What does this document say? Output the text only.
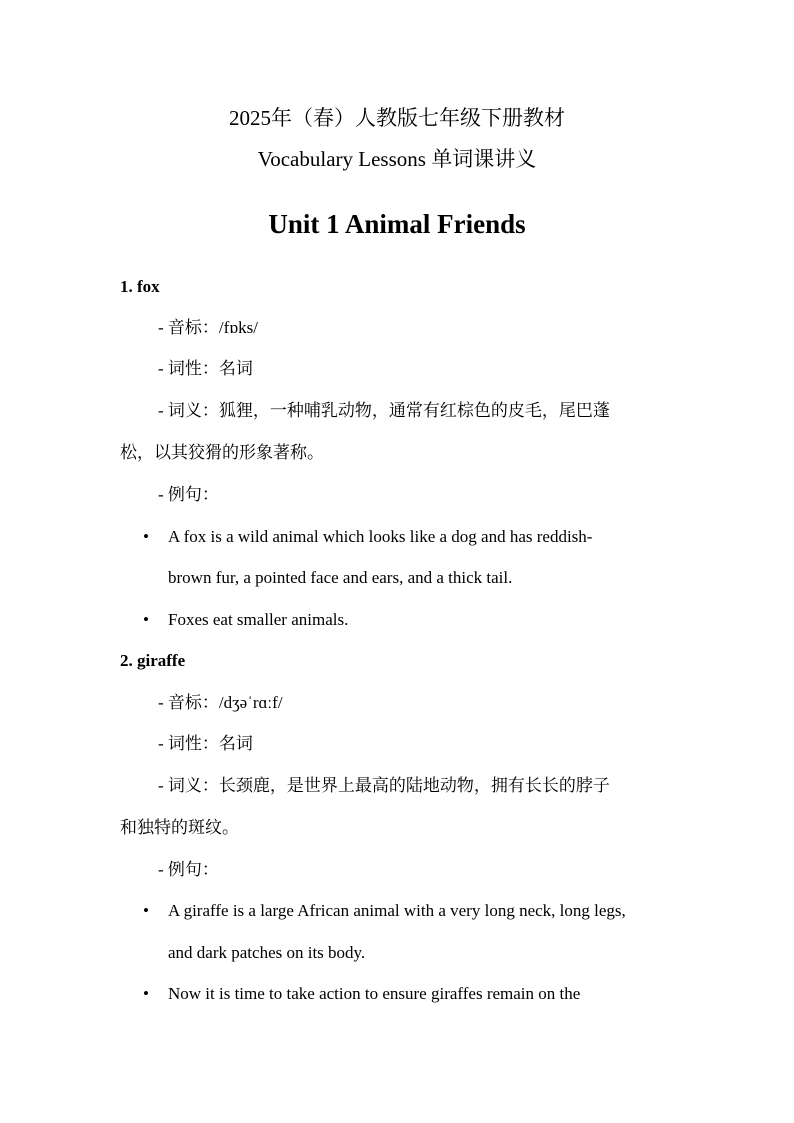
2025年（春）人教版七年级下册教材
Vocabulary Lessons 单词课讲义
Unit 1 Animal Friends
1. fox
- 音标：/fɒks/
- 词性：名词
- 词义：狐狸，一种哺乳动物，通常有红棕色的皮毛，尾巴蓬
松，以其狡猾的形象著称。
- 例句：
• A fox is a wild animal which looks like a dog and has reddish-
brown fur, a pointed face and ears, and a thick tail.
• Foxes eat smaller animals.
2. giraffe
- 音标：/dʒəˈrɑːf/
- 词性：名词
- 词义：长颈鹿，是世界上最高的陆地动物，拥有长长的脖子
和独特的斑纹。
- 例句：
• A giraffe is a large African animal with a very long neck, long legs,
and dark patches on its body.
• Now it is time to take action to ensure giraffes remain on the
